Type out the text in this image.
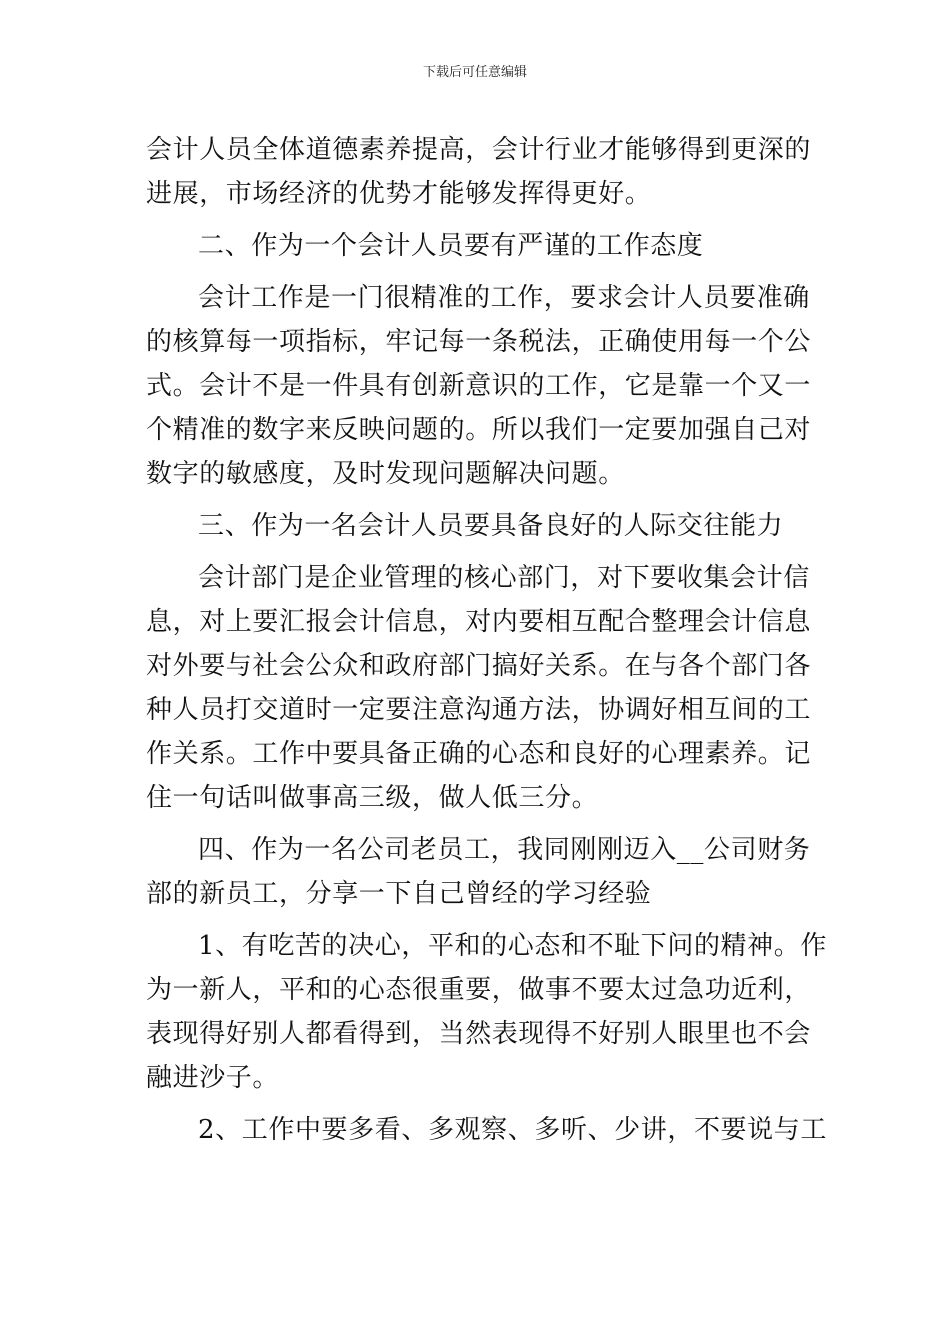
下载后可任意编辑

会计人员全体道德素养提高，会计行业才能够得到更深的
进展，市场经济的优势才能够发挥得更好。

二、作为一个会计人员要有严谨的工作态度

会计工作是一门很精准的工作，要求会计人员要准确
的核算每一项指标，牢记每一条税法，正确使用每一个公
式。会计不是一件具有创新意识的工作，它是靠一个又一
个精准的数字来反映问题的。所以我们一定要加强自己对
数字的敏感度，及时发现问题解决问题。

三、作为一名会计人员要具备良好的人际交往能力

会计部门是企业管理的核心部门，对下要收集会计信
息，对上要汇报会计信息，对内要相互配合整理会计信息
对外要与社会公众和政府部门搞好关系。在与各个部门各
种人员打交道时一定要注意沟通方法，协调好相互间的工
作关系。工作中要具备正确的心态和良好的心理素养。记
住一句话叫做事高三级，做人低三分。

四、作为一名公司老员工，我同刚刚迈入__公司财务
部的新员工，分享一下自己曾经的学习经验

1、有吃苦的决心，平和的心态和不耻下问的精神。作
为一新人，平和的心态很重要，做事不要太过急功近利，
表现得好别人都看得到，当然表现得不好别人眼里也不会
融进沙子。

2、工作中要多看、多观察、多听、少讲，不要说与工
